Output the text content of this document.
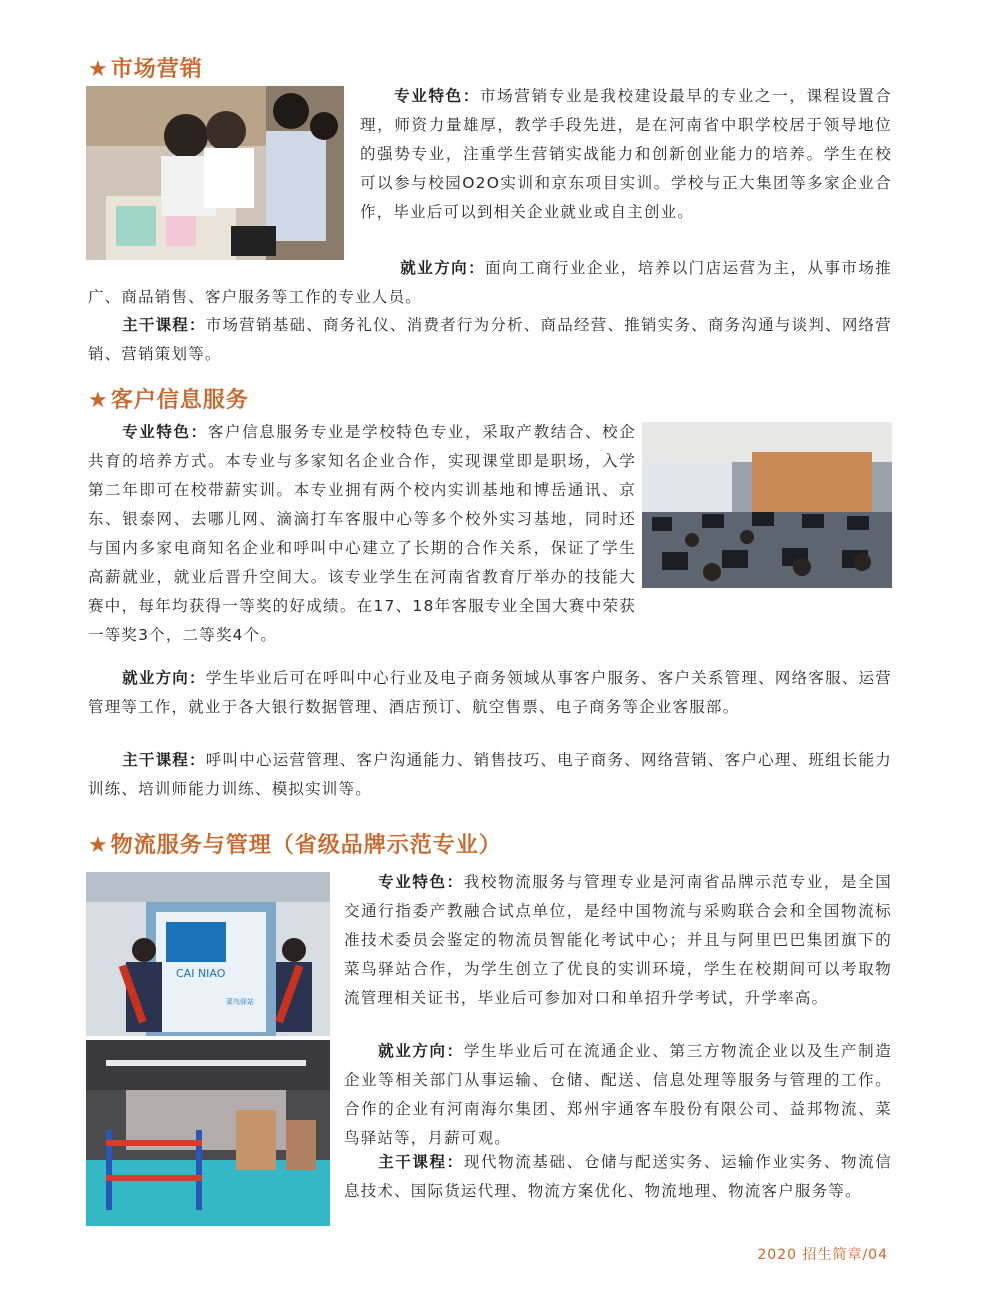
★市场营销

专业特色：市场营销专业是我校建设最早的专业之一，课程设置合理，师资力量雄厚，教学手段先进，是在河南省中职学校居于领导地位的强势专业，注重学生营销实战能力和创新创业能力的培养。学生在校可以参与校园O2O实训和京东项目实训。学校与正大集团等多家企业合作，毕业后可以到相关企业就业或自主创业。

就业方向：面向工商行业企业，培养以门店运营为主，从事市场推广、商品销售、客户服务等工作的专业人员。

主干课程：市场营销基础、商务礼仪、消费者行为分析、商品经营、推销实务、商务沟通与谈判、网络营销、营销策划等。

★客户信息服务

专业特色：客户信息服务专业是学校特色专业，采取产教结合、校企共育的培养方式。本专业与多家知名企业合作，实现课堂即是职场，入学第二年即可在校带薪实训。本专业拥有两个校内实训基地和博岳通讯、京东、银泰网、去哪儿网、滴滴打车客服中心等多个校外实习基地，同时还与国内多家电商知名企业和呼叫中心建立了长期的合作关系，保证了学生高薪就业，就业后晋升空间大。该专业学生在河南省教育厅举办的技能大赛中，每年均获得一等奖的好成绩。在17、18年客服专业全国大赛中荣获一等奖3个，二等奖4个。

就业方向：学生毕业后可在呼叫中心行业及电子商务领域从事客户服务、客户关系管理、网络客服、运营管理等工作，就业于各大银行数据管理、酒店预订、航空售票、电子商务等企业客服部。

主干课程：呼叫中心运营管理、客户沟通能力、销售技巧、电子商务、网络营销、客户心理、班组长能力训练、培训师能力训练、模拟实训等。

★物流服务与管理（省级品牌示范专业）
CAI NIAO
菜鸟驿站

专业特色：我校物流服务与管理专业是河南省品牌示范专业，是全国交通行指委产教融合试点单位，是经中国物流与采购联合会和全国物流标准技术委员会鉴定的物流员智能化考试中心；并且与阿里巴巴集团旗下的菜鸟驿站合作，为学生创立了优良的实训环境，学生在校期间可以考取物流管理相关证书，毕业后可参加对口和单招升学考试，升学率高。

就业方向：学生毕业后可在流通企业、第三方物流企业以及生产制造企业等相关部门从事运输、仓储、配送、信息处理等服务与管理的工作。合作的企业有河南海尔集团、郑州宇通客车股份有限公司、益邦物流、菜鸟驿站等，月薪可观。

主干课程：现代物流基础、仓储与配送实务、运输作业实务、物流信息技术、国际货运代理、物流方案优化、物流地理、物流客户服务等。

2020 招生简章/04
